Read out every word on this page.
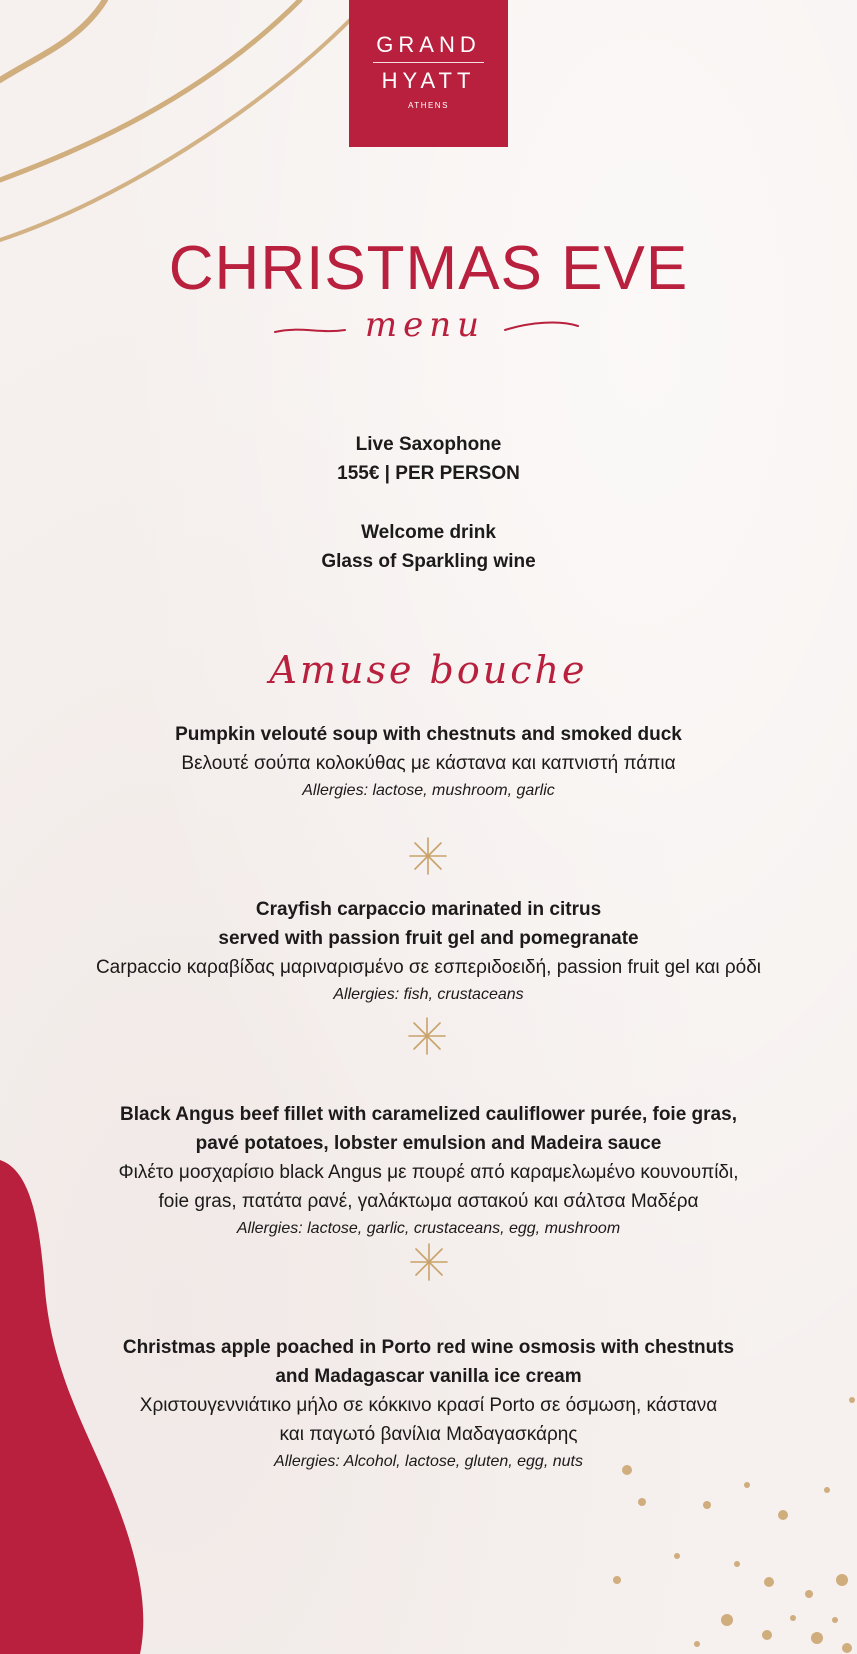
GRAND
HYATT
ATHENS
CHRISTMAS EVE
menu
Live Saxophone
155€ | PER PERSON
Welcome drink
Glass of Sparkling wine
Amuse bouche
Pumpkin velouté soup with chestnuts and smoked duck
Βελουτέ σούπα κολοκύθας με κάστανα και καπνιστή πάπια
Allergies: lactose, mushroom, garlic
Crayfish carpaccio marinated in citrus
served with passion fruit gel and pomegranate
Carpaccio καραβίδας μαριναρισμένο σε εσπεριδοειδή, passion fruit gel και ρόδι
Allergies: fish, crustaceans
Black Angus beef fillet with caramelized cauliflower purée, foie gras,
pavé potatoes, lobster emulsion and Madeira sauce
Φιλέτο μοσχαρίσιο black Angus με πουρέ από καραμελωμένο κουνουπίδι,
foie gras, πατάτα ρανέ, γαλάκτωμα αστακού και σάλτσα Μαδέρα
Allergies: lactose, garlic, crustaceans, egg, mushroom
Christmas apple poached in Porto red wine osmosis with chestnuts
and Madagascar vanilla ice cream
Χριστουγεννιάτικο μήλο σε κόκκινο κρασί Porto σε όσμωση, κάστανα
και παγωτό βανίλια Μαδαγασκάρης
Allergies: Alcohol, lactose, gluten, egg, nuts
